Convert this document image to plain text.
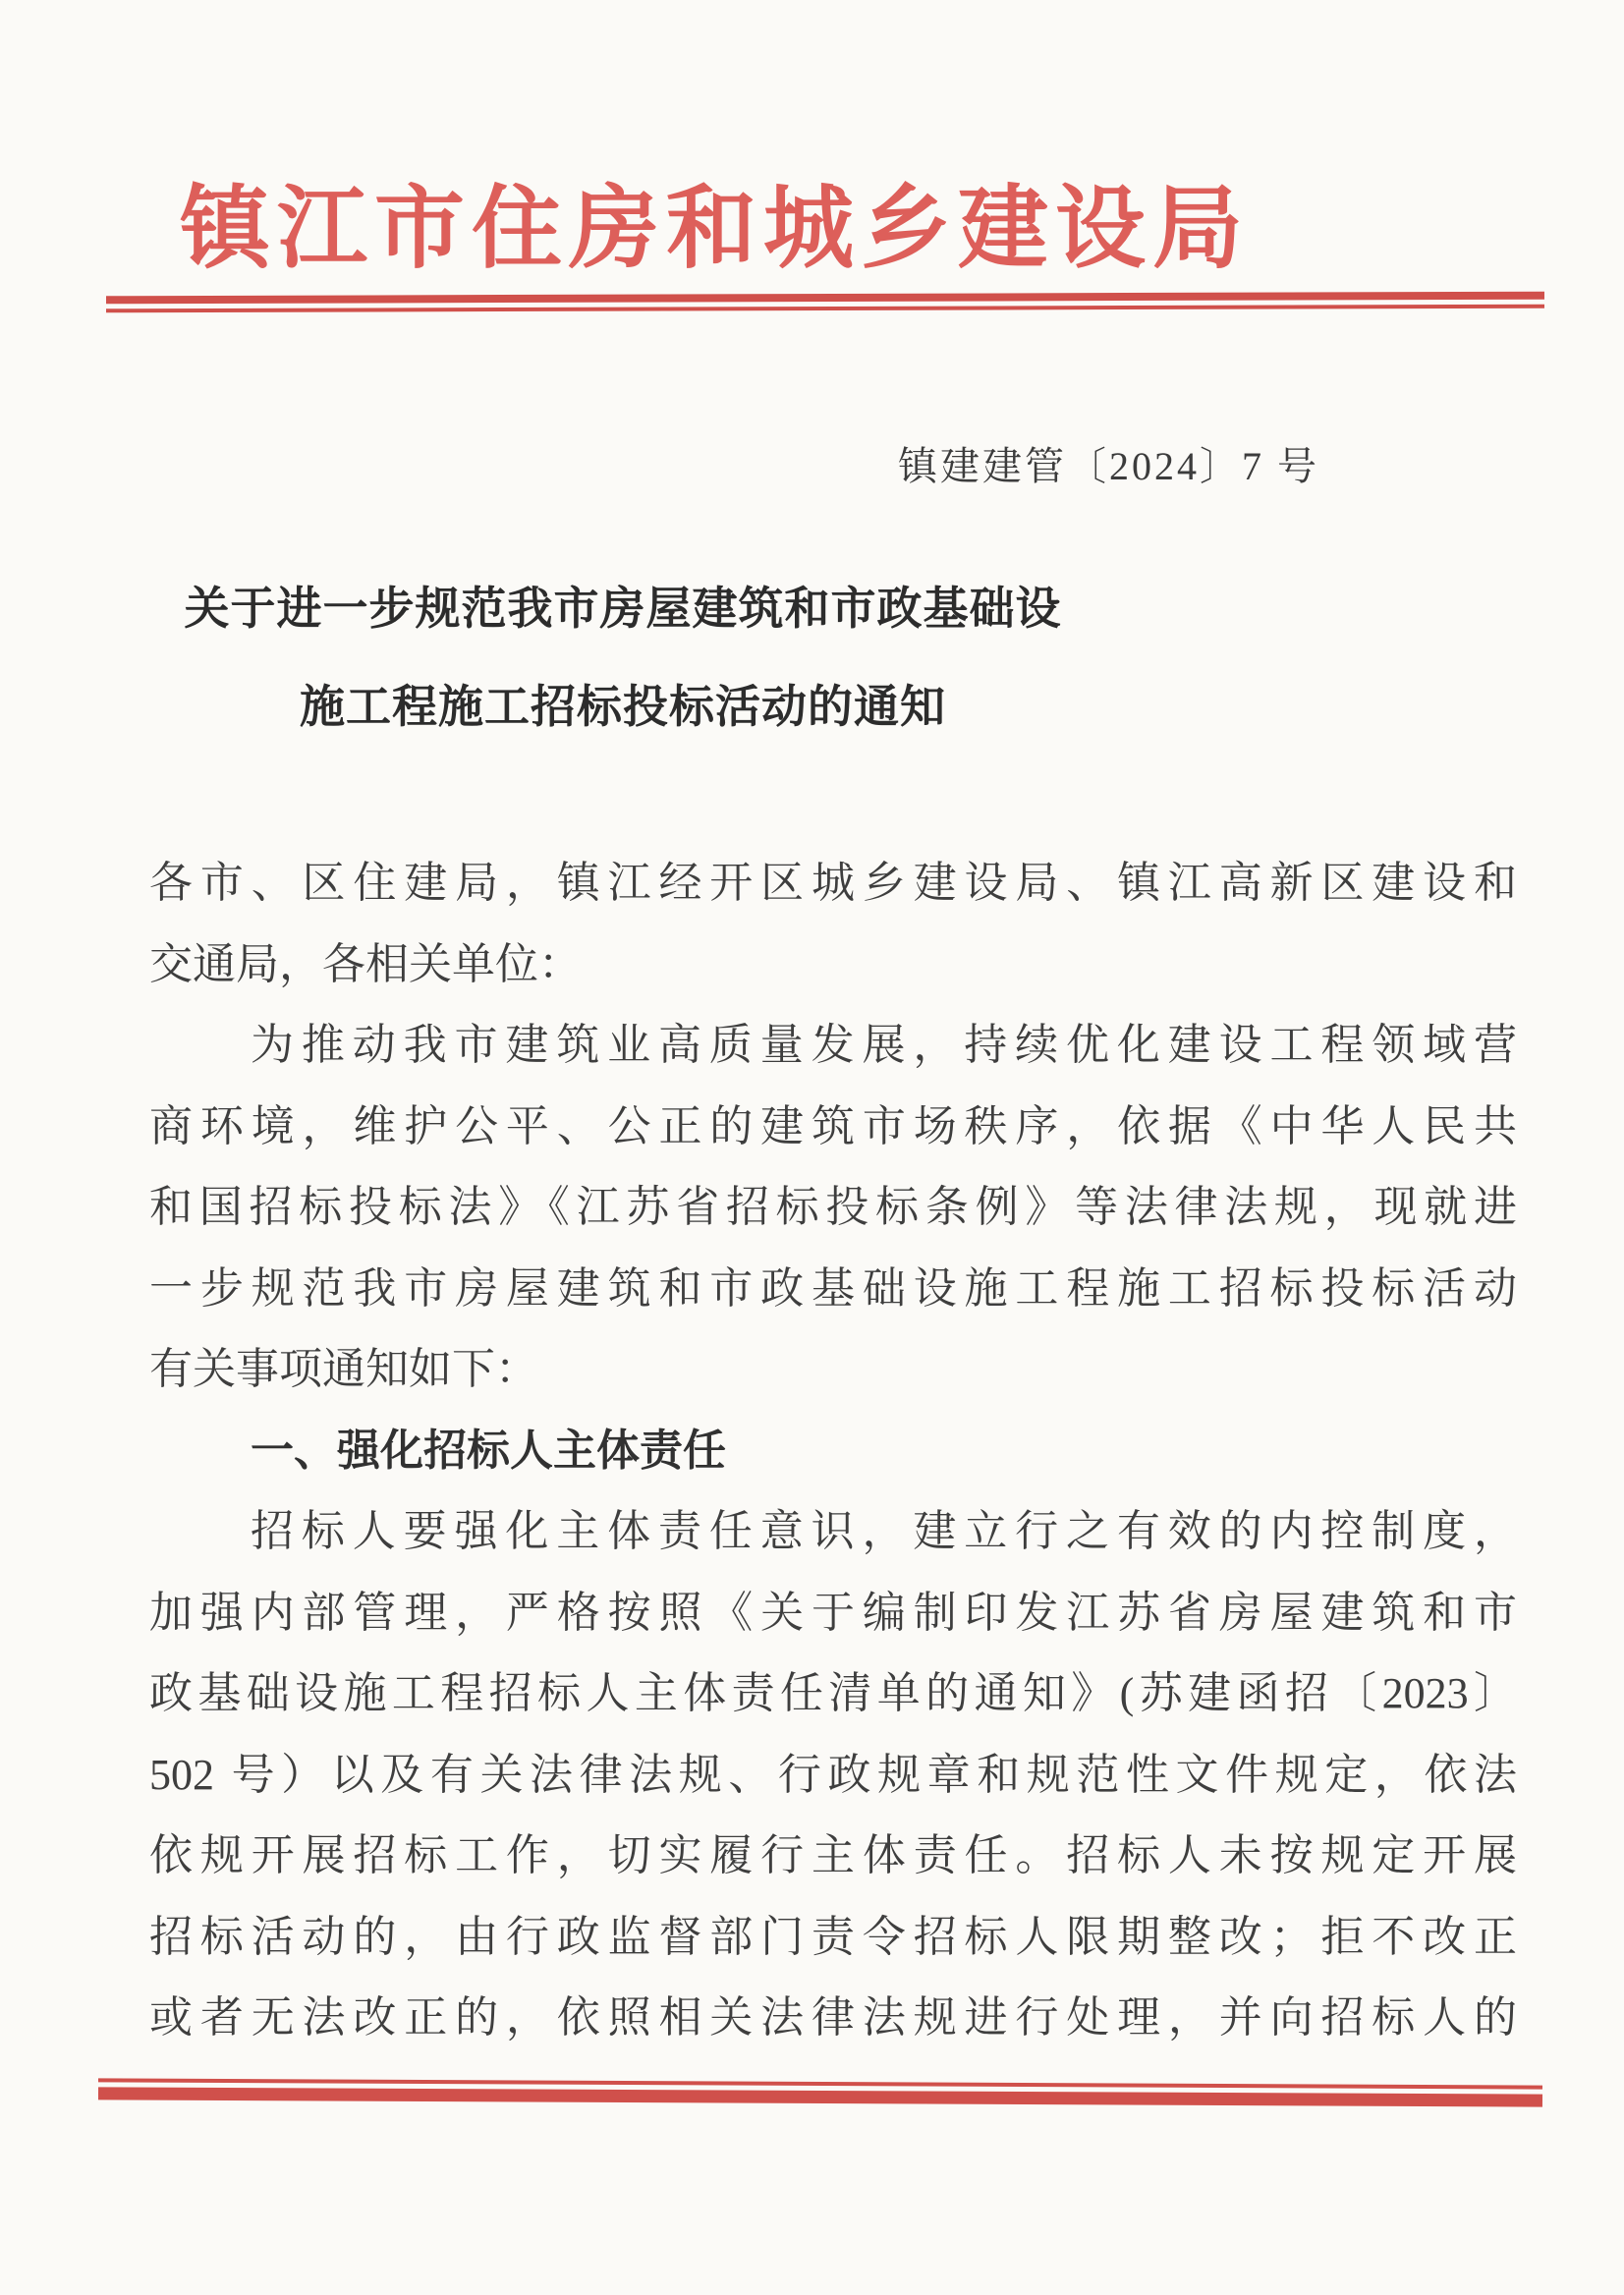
镇江市住房和城乡建设局
镇建建管〔2024〕7 号
关于进一步规范我市房屋建筑和市政基础设
施工程施工招标投标活动的通知
各市、区住建局，镇江经开区城乡建设局、镇江高新区建设和
交通局，各相关单位：
为推动我市建筑业高质量发展，持续优化建设工程领域营
商环境，维护公平、公正的建筑市场秩序，依据《中华人民共
和国招标投标法》《江苏省招标投标条例》等法律法规，现就进
一步规范我市房屋建筑和市政基础设施工程施工招标投标活动
有关事项通知如下：
一、强化招标人主体责任
招标人要强化主体责任意识，建立行之有效的内控制度，
加强内部管理，严格按照《关于编制印发江苏省房屋建筑和市
政基础设施工程招标人主体责任清单的通知》(苏建函招〔2023〕
502 号）以及有关法律法规、行政规章和规范性文件规定，依法
依规开展招标工作，切实履行主体责任。招标人未按规定开展
招标活动的，由行政监督部门责令招标人限期整改；拒不改正
或者无法改正的，依照相关法律法规进行处理，并向招标人的
